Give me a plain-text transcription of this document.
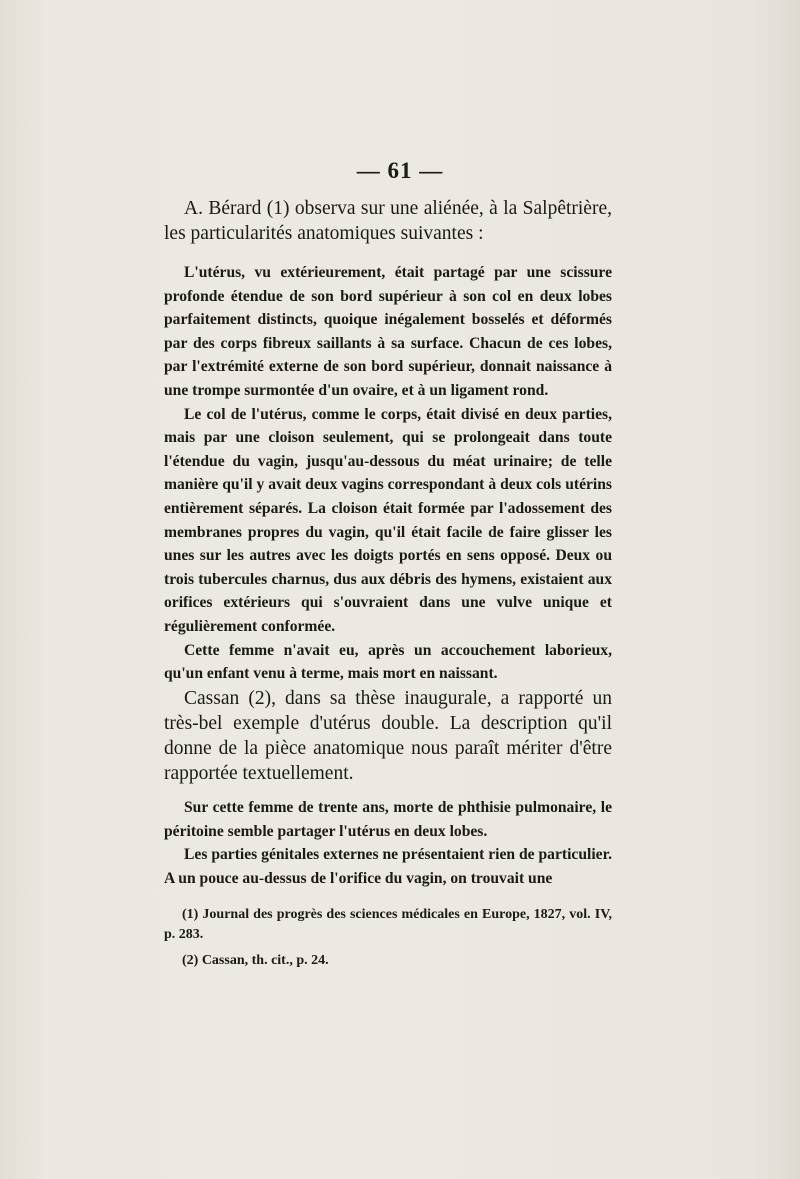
— 61 —

A. Bérard (1) observa sur une aliénée, à la Salpêtrière, les particularités anatomiques suivantes :

L'utérus, vu extérieurement, était partagé par une scissure profonde étendue de son bord supérieur à son col en deux lobes parfaitement distincts, quoique inégalement bosselés et déformés par des corps fibreux saillants à sa surface. Chacun de ces lobes, par l'extrémité externe de son bord supérieur, donnait naissance à une trompe surmontée d'un ovaire, et à un ligament rond.

Le col de l'utérus, comme le corps, était divisé en deux parties, mais par une cloison seulement, qui se prolongeait dans toute l'étendue du vagin, jusqu'au-dessous du méat urinaire; de telle manière qu'il y avait deux vagins correspondant à deux cols utérins entièrement séparés. La cloison était formée par l'adossement des membranes propres du vagin, qu'il était facile de faire glisser les unes sur les autres avec les doigts portés en sens opposé. Deux ou trois tubercules charnus, dus aux débris des hymens, existaient aux orifices extérieurs qui s'ouvraient dans une vulve unique et régulièrement conformée.

Cette femme n'avait eu, après un accouchement laborieux, qu'un enfant venu à terme, mais mort en naissant.

Cassan (2), dans sa thèse inaugurale, a rapporté un très-bel exemple d'utérus double. La description qu'il donne de la pièce anatomique nous paraît mériter d'être rapportée textuellement.

Sur cette femme de trente ans, morte de phthisie pulmonaire, le péritoine semble partager l'utérus en deux lobes.

Les parties génitales externes ne présentaient rien de particulier. A un pouce au-dessus de l'orifice du vagin, on trouvait une

(1) Journal des progrès des sciences médicales en Europe, 1827, vol. IV, p. 283.

(2) Cassan, th. cit., p. 24.
